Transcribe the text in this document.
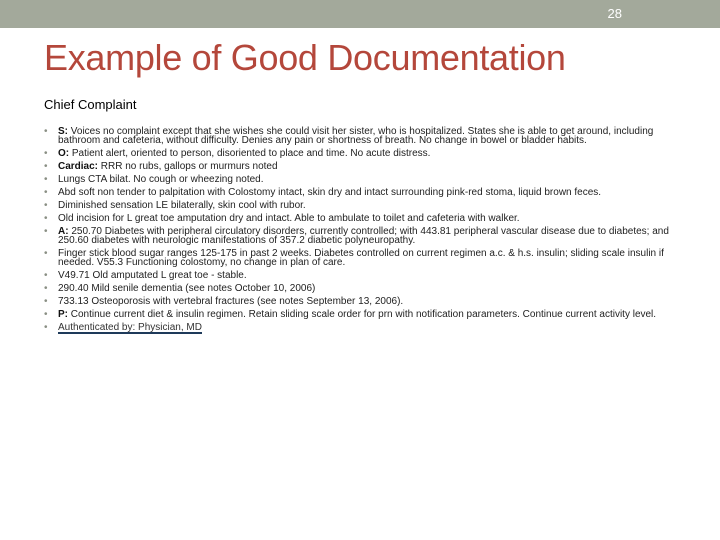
28
Example of Good Documentation
Chief Complaint
• S: Voices no complaint except that she wishes she could visit her sister, who is hospitalized. States she is able to get around, including bathroom and cafeteria, without difficulty. Denies any pain or shortness of breath. No change in bowel or bladder habits.
• O: Patient alert, oriented to person, disoriented to place and time. No acute distress.
• Cardiac: RRR no rubs, gallops or murmurs noted
• Lungs CTA bilat. No cough or wheezing noted.
• Abd soft non tender to palpitation with Colostomy intact, skin dry and intact surrounding pink-red stoma, liquid brown feces.
• Diminished sensation LE bilaterally, skin cool with rubor.
• Old incision for L great toe amputation dry and intact. Able to ambulate to toilet and cafeteria with walker.
• A: 250.70 Diabetes with peripheral circulatory disorders, currently controlled; with 443.81 peripheral vascular disease due to diabetes; and 250.60 diabetes with neurologic manifestations of 357.2 diabetic polyneuropathy.
• Finger stick blood sugar ranges 125-175 in past 2 weeks. Diabetes controlled on current regimen a.c. & h.s. insulin; sliding scale insulin if needed. V55.3 Functioning colostomy, no change in plan of care.
• V49.71 Old amputated L great toe - stable.
• 290.40 Mild senile dementia (see notes October 10, 2006)
• 733.13 Osteoporosis with vertebral fractures (see notes September 13, 2006).
• P: Continue current diet & insulin regimen. Retain sliding scale order for prn with notification parameters. Continue current activity level.
• Authenticated by: Physician, MD
